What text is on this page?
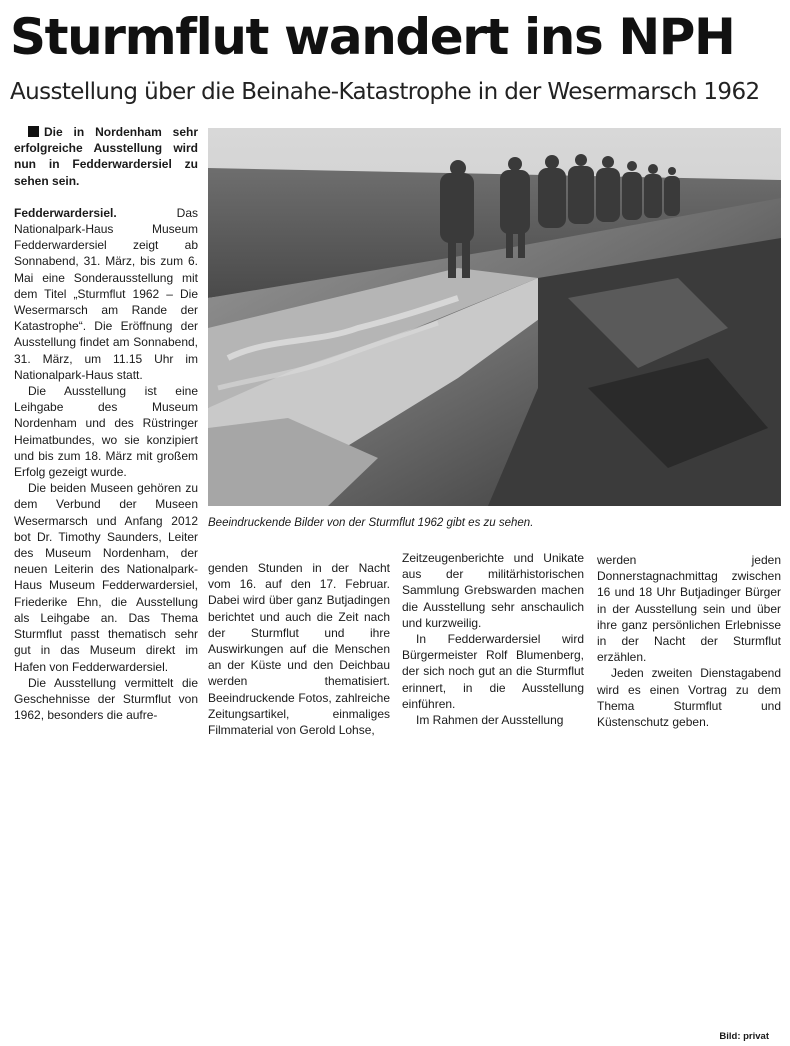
Sturmflut wandert ins NPH
Ausstellung über die Beinahe-Katastrophe in der Wesermarsch 1962

Die in Nordenham sehr erfolgreiche Ausstellung wird nun in Fedderwardersiel zu sehen sein.

Fedderwardersiel.	Das Nationalpark-Haus Museum Fedderwardersiel zeigt ab Sonnabend, 31. März, bis zum 6. Mai eine Sonderausstellung mit dem Titel „Sturmflut 1962 – Die Wesermarsch am Rande der Katastrophe“. Die Eröffnung der Ausstellung findet am Sonnabend, 31. März, um 11.15 Uhr im Nationalpark-Haus statt.

Die Ausstellung ist eine Leihgabe des Museum Nordenham und des Rüstringer Heimatbundes, wo sie konzipiert und bis zum 18. März mit großem Erfolg gezeigt wurde.

Die beiden Museen gehören zu dem Verbund der Museen Wesermarsch und Anfang 2012 bot Dr. Timothy Saunders, Leiter des Museum Nordenham, der neuen Leiterin des Nationalpark-Haus Museum Fedderwardersiel, Friederike Ehn, die Ausstellung als Leihgabe an. Das Thema Sturmflut passt thematisch sehr gut in das Museum direkt im Hafen von Fedderwardersiel.

Die Ausstellung vermittelt die Geschehnisse der Sturmflut von 1962, besonders die aufre-

Beeindruckende Bilder von der Sturmflut 1962 gibt es zu sehen.
Bild: privat

genden Stunden in der Nacht vom 16. auf den 17. Februar. Dabei wird über ganz Butjadingen berichtet und auch die Zeit nach der Sturmflut und ihre Auswirkungen auf die Menschen an der Küste und den Deichbau werden thematisiert. Beeindruckende Fotos, zahlreiche Zeitungsartikel, einmaliges Filmmaterial von Gerold Lohse,

Zeitzeugenberichte und Unikate aus der militärhistorischen Sammlung Grebswarden machen die Ausstellung sehr anschaulich und kurzweilig.

In Fedderwardersiel wird Bürgermeister Rolf Blumenberg, der sich noch gut an die Sturmflut erinnert, in die Ausstellung einführen.

Im Rahmen der Ausstellung

werden jeden Donnerstagnachmittag zwischen 16 und 18 Uhr Butjadinger Bürger in der Ausstellung sein und über ihre ganz persönlichen Erlebnisse in der Nacht der Sturmflut erzählen.

Jeden zweiten Dienstagabend wird es einen Vortrag zu dem Thema Sturmflut und Küstenschutz geben.
